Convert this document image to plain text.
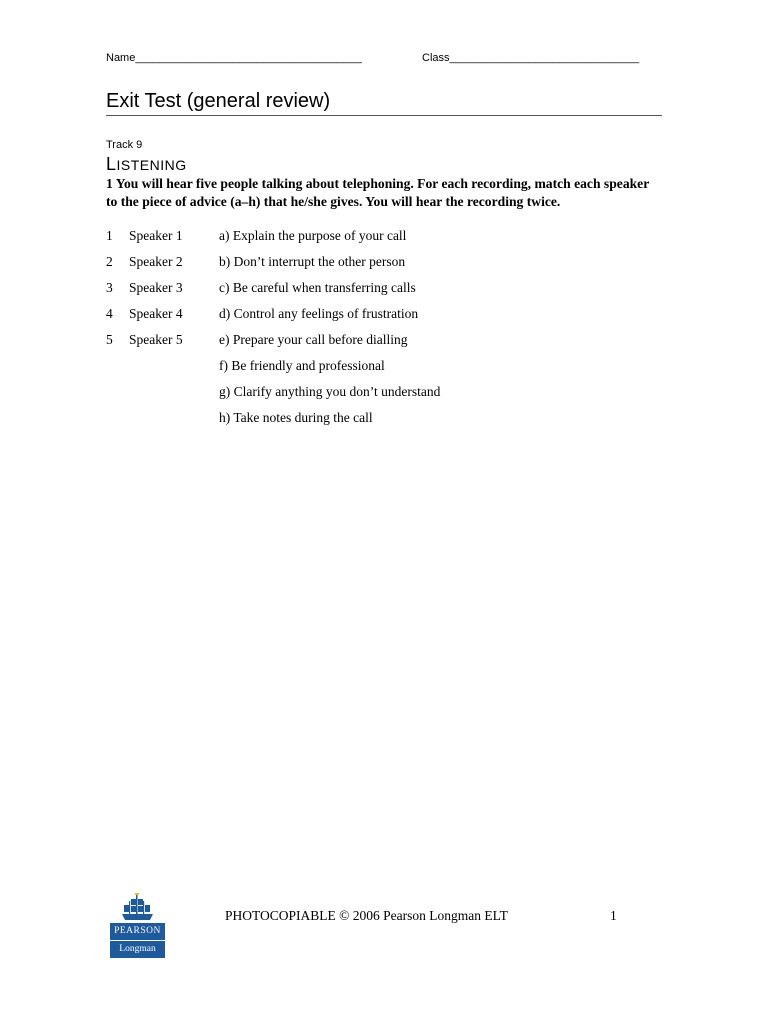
Name_____________________________________	Class_______________________________
Exit Test (general review)
Track 9
LISTENING
1 You will hear five people talking about telephoning. For each recording, match each speaker to the piece of advice (a–h) that he/she gives. You will hear the recording twice.
1 Speaker 1
2 Speaker 2
3 Speaker 3
4 Speaker 4
5 Speaker 5
a) Explain the purpose of your call
b) Don’t interrupt the other person
c) Be careful when transferring calls
d) Control any feelings of frustration
e) Prepare your call before dialling
f) Be friendly and professional
g) Clarify anything you don’t understand
h) Take notes during the call
PEARSON
Longman
PHOTOCOPIABLE © 2006 Pearson Longman ELT	1
